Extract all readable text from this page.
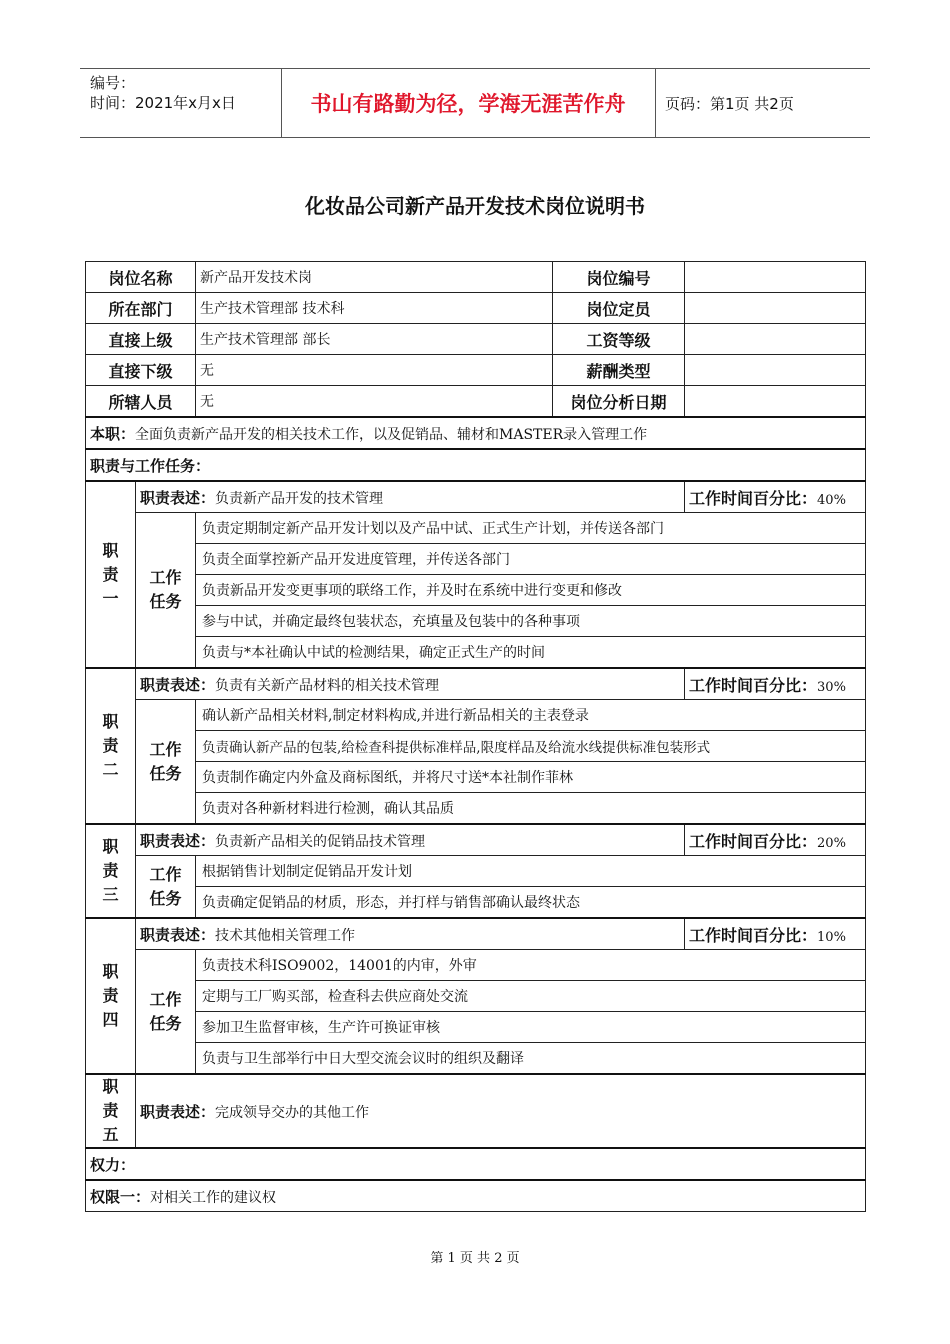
编号：
时间：2021年x月x日	书山有路勤为径，学海无涯苦作舟	页码：第1页 共2页
化妆品公司新产品开发技术岗位说明书
岗位名称		新产品开发技术岗	岗位编号	
所在部门		生产技术管理部 技术科	岗位定员	
直接上级		生产技术管理部 部长	工资等级	
直接下级		无	薪酬类型	
所辖人员		无	岗位分析日期	
本职：全面负责新产品开发的相关技术工作，以及促销品、辅材和MASTER录入管理工作				
职责与工作任务：				

职
责
一	职责表述：负责新产品开发的技术管理			工作时间百分比：40%

	工作
任务	负责定期制定新产品开发计划以及产品中试、正式生产计划，并传送各部门		
		负责全面掌控新产品开发进度管理，并传送各部门		
		负责新品开发变更事项的联络工作，并及时在系统中进行变更和修改		
		参与中试，并确定最终包装状态，充填量及包装中的各种事项		
		负责与*本社确认中试的检测结果，确定正式生产的时间		

职
责
二	职责表述：负责有关新产品材料的相关技术管理			工作时间百分比：30%

	工作
任务	确认新产品相关材料,制定材料构成,并进行新品相关的主表登录		
		负责确认新产品的包装,给检查科提供标准样品,限度样品及给流水线提供标准包装形式		
		负责制作确定内外盒及商标图纸，并将尺寸送*本社制作菲林		
		负责对各种新材料进行检测，确认其品质		

职
责
三	职责表述：负责新产品相关的促销品技术管理			工作时间百分比：20%

	工作
任务	根据销售计划制定促销品开发计划		
		负责确定促销品的材质，形态，并打样与销售部确认最终状态		

职
责
四	职责表述：技术其他相关管理工作			工作时间百分比：10%

	工作
任务	负责技术科ISO9002，14001的内审，外审		
		定期与工厂购买部，检查科去供应商处交流		
		参加卫生监督审核，生产许可换证审核		
		负责与卫生部举行中日大型交流会议时的组织及翻译		

职
责
五	职责表述：完成领导交办的其他工作			
权力：				
权限一：对相关工作的建议权				
第 1 页 共 2 页
